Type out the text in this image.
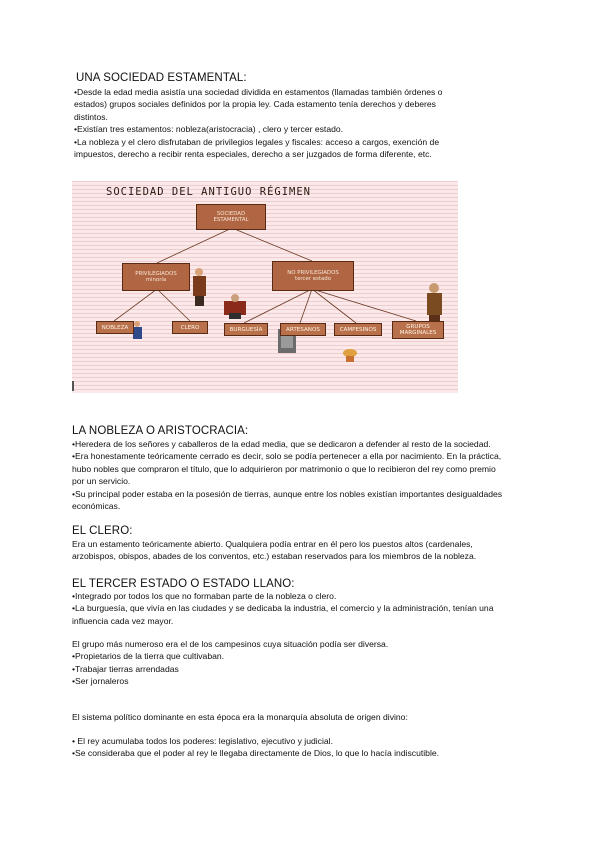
UNA SOCIEDAD ESTAMENTAL:

•Desde la edad media asistía una sociedad dividida en estamentos (llamadas también órdenes o

estados) grupos sociales definidos por la propia ley. Cada estamento tenía derechos y deberes

distintos.

•Existían tres estamentos: nobleza(aristocracia) , clero y tercer estado.

•La nobleza y el clero disfrutaban de privilegios legales y fiscales: acceso a cargos, exención de

impuestos, derecho a recibir renta especiales, derecho a ser juzgados de forma diferente, etc.

SOCIEDAD DEL ANTIGUO RÉGIMEN
SOCIEDAD
ESTAMENTAL
PRIVILEGIADOS
minoría
NO PRIVILEGIADOS
tercer estado
NOBLEZA	CLERO	BURGUESÍA	ARTESANOS	CAMPESINOS	GRUPOS MARGINALES
LA NOBLEZA O ARISTOCRACIA:

•Heredera de los señores y caballeros de la edad media, que se dedicaron a defender al resto de la sociedad.

•Era honestamente teóricamente cerrado es decir, solo se podía pertenecer a ella por nacimiento. En la práctica,

hubo nobles que compraron el título, que lo adquirieron por matrimonio o que lo recibieron del rey como premio

por un servicio.

•Su principal poder estaba en la posesión de tierras, aunque entre los nobles existían importantes desigualdades

económicas.

EL CLERO:

Era un estamento teóricamente abierto. Qualquiera podía entrar en él pero los puestos altos (cardenales,

arzobispos, obispos, abades de los conventos, etc.) estaban reservados para los miembros de la nobleza.

EL TERCER ESTADO O ESTADO LLANO:

•Integrado por todos los que no formaban parte de la nobleza o clero.

•La burguesía, que vivía en las ciudades y se dedicaba la industria, el comercio y la administración, tenían una

influencia cada vez mayor.

El grupo más numeroso era el de los campesinos cuya situación podía ser diversa.

•Propietarios de la tierra que cultivaban.

•Trabajar tierras arrendadas

•Ser jornaleros

El sistema político dominante en esta época era la monarquía absoluta de origen divino:

• El rey acumulaba todos los poderes: legislativo, ejecutivo y judicial.

•Se consideraba que el poder al rey le llegaba directamente de Dios, lo que lo hacía indiscutible.
